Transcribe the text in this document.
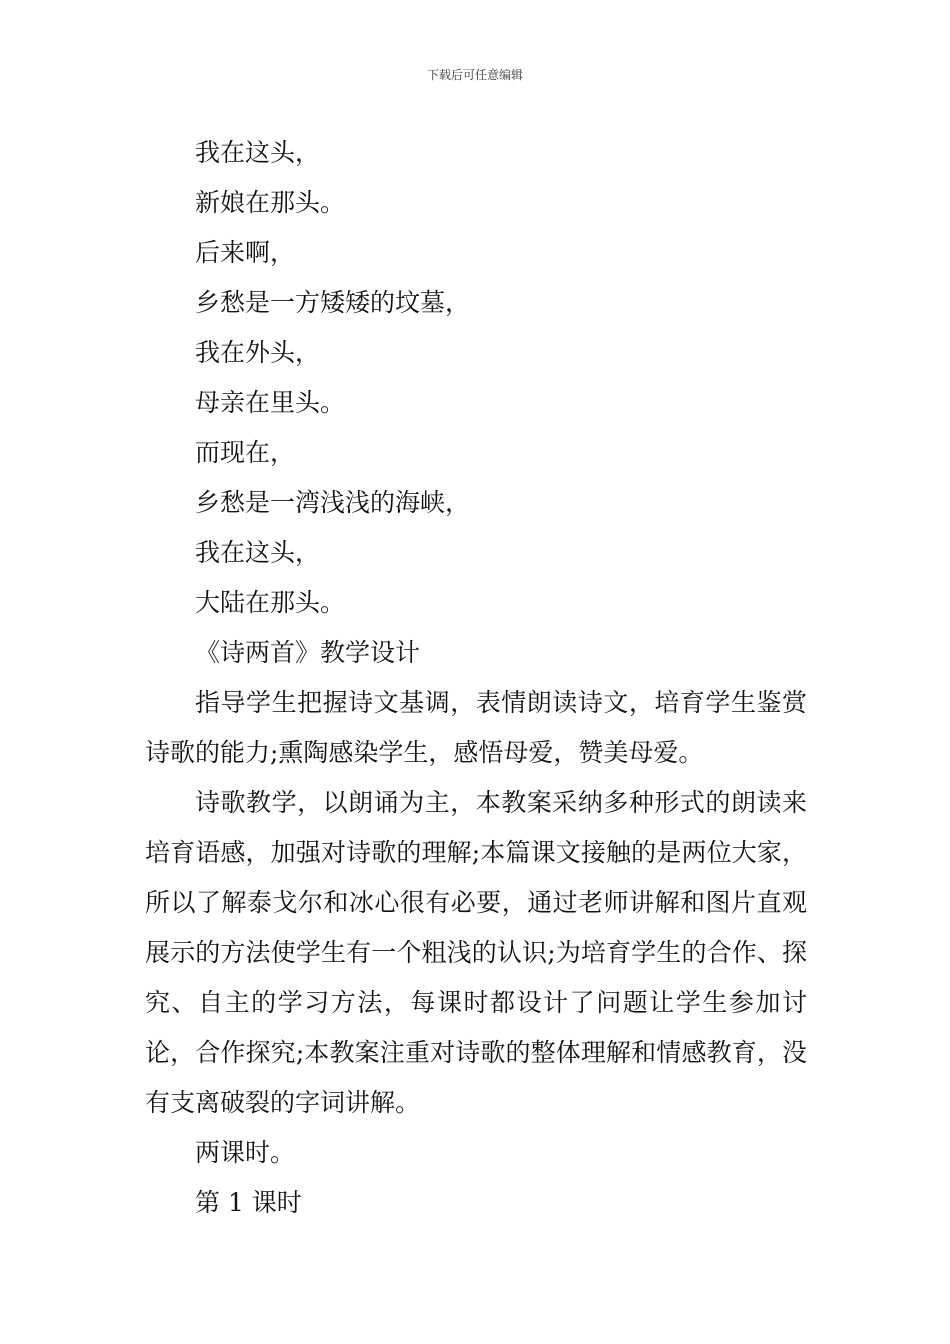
下载后可任意编辑

我在这头，

新娘在那头。

后来啊，

乡愁是一方矮矮的坟墓，

我在外头，

母亲在里头。

而现在，

乡愁是一湾浅浅的海峡，

我在这头，

大陆在那头。

《诗两首》教学设计

指导学生把握诗文基调，表情朗读诗文，培育学生鉴赏诗歌的能力;熏陶感染学生，感悟母爱，赞美母爱。

诗歌教学，以朗诵为主，本教案采纳多种形式的朗读来培育语感，加强对诗歌的理解;本篇课文接触的是两位大家，所以了解泰戈尔和冰心很有必要，通过老师讲解和图片直观展示的方法使学生有一个粗浅的认识;为培育学生的合作、探究、自主的学习方法，每课时都设计了问题让学生参加讨论，合作探究;本教案注重对诗歌的整体理解和情感教育，没有支离破裂的字词讲解。

两课时。

第 1 课时
